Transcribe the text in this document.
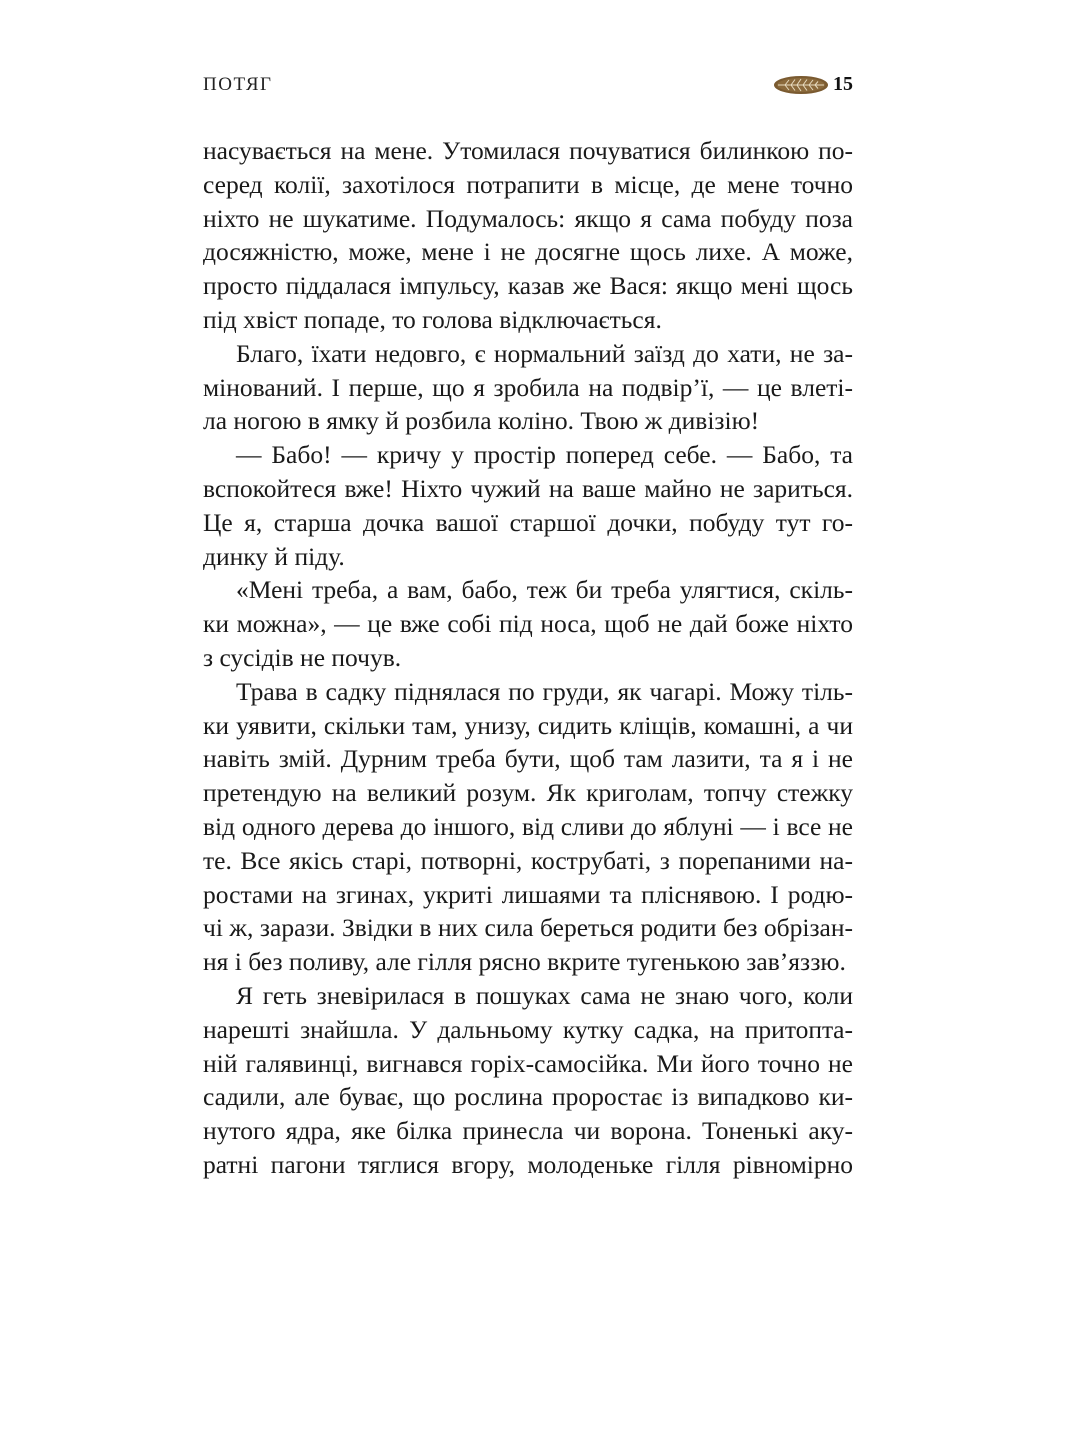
ПОТЯГ	15
насувається на мене. Утомилася почуватися билинкою по-
серед колії, захотілося потрапити в місце, де мене точно
ніхто не шукатиме. Подумалось: якщо я сама побуду поза
досяжністю, може, мене і не досягне щось лихе. А може,
просто піддалася імпульсу, казав же Вася: якщо мені щось
під хвіст попаде, то голова відключається.
Благо, їхати недовго, є нормальний заїзд до хати, не за-
мінований. І перше, що я зробила на подвір’ї, — це влеті-
ла ногою в ямку й розбила коліно. Твою ж дивізію!
— Бабо! — кричу у простір поперед себе. — Бабо, та
вспокойтеся вже! Ніхто чужий на ваше майно не зариться.
Це я, старша дочка вашої старшої дочки, побуду тут го-
динку й піду.
«Мені треба, а вам, бабо, теж би треба улягтися, скіль-
ки можна», — це вже собі під носа, щоб не дай боже ніхто
з сусідів не почув.
Трава в садку піднялася по груди, як чагарі. Можу тіль-
ки уявити, скільки там, унизу, сидить кліщів, комашні, а чи
навіть змій. Дурним треба бути, щоб там лазити, та я і не
претендую на великий розум. Як криголам, топчу стежку
від одного дерева до іншого, від сливи до яблуні — і все не
те. Все якісь старі, потворні, кострубаті, з порепаними на-
ростами на згинах, укриті лишаями та пліснявою. І родю-
чі ж, зарази. Звідки в них сила береться родити без обрізан-
ня і без поливу, але гілля рясно вкрите тугенькою зав’яззю.
Я геть зневірилася в пошуках сама не знаю чого, коли
нарешті знайшла. У дальньому кутку садка, на притоптa-
ній галявинці, вигнався горіх-самосійка. Ми його точно не
садили, але буває, що рослина проростає із випадково ки-
нутого ядра, яке білка принесла чи ворона. Тоненькі аку-
ратні пагони тяглися вгору, молоденьке гілля рівномірно
